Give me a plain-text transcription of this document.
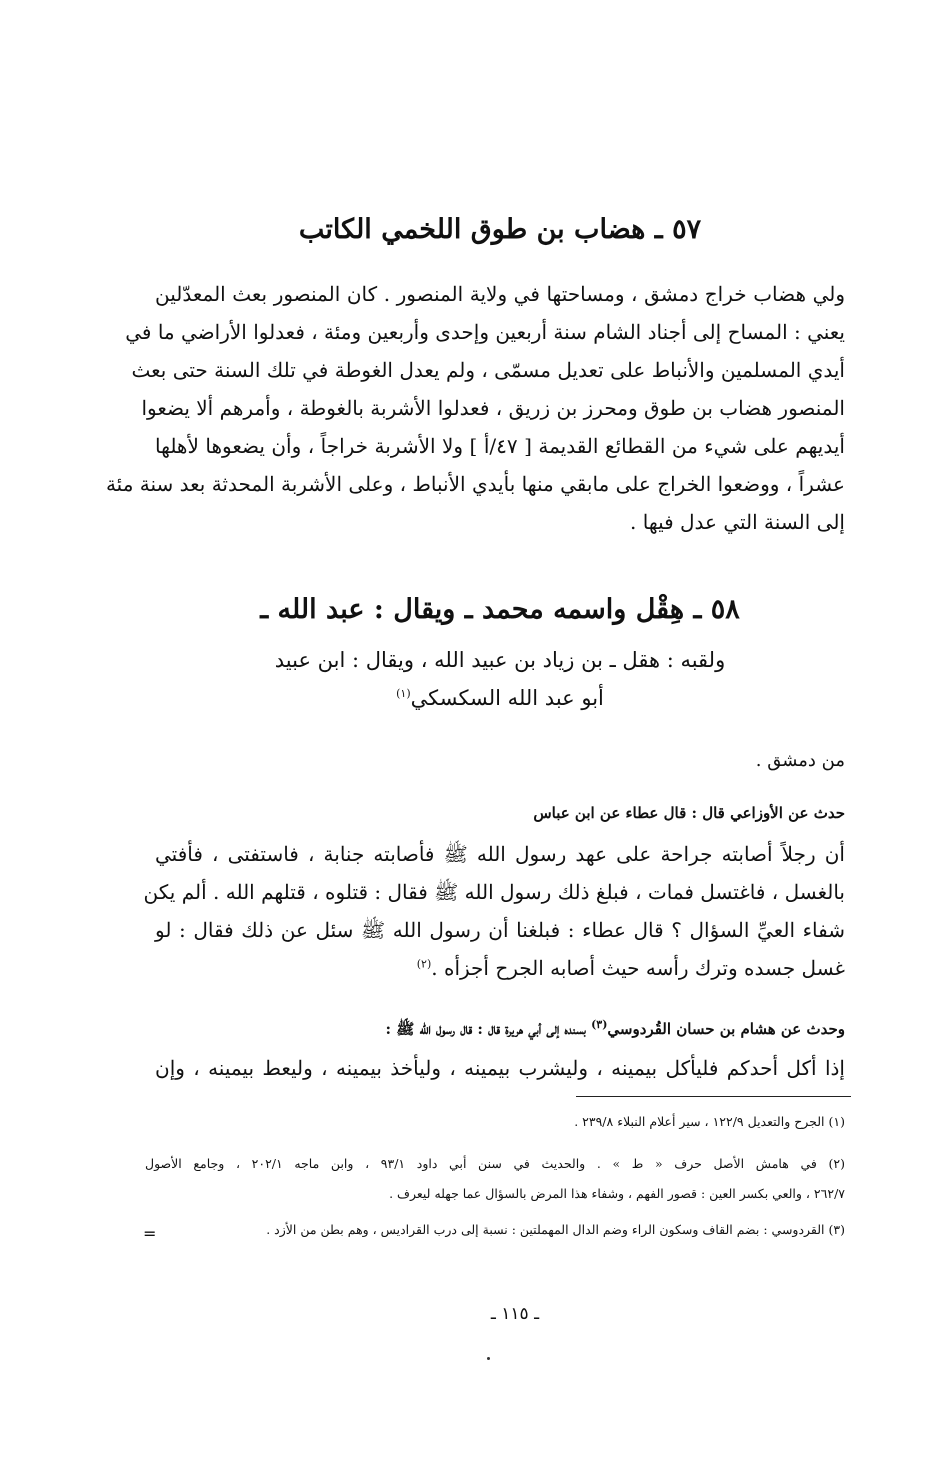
٥٧ ـ هضاب بن طوق اللخمي الكاتب
ولي هضاب خراج دمشق ، ومساحتها في ولاية المنصور . كان المنصور بعث المعدّلين
يعني : المساح إلى أجناد الشام سنة أربعين وإحدى وأربعين ومئة ، فعدلوا الأراضي ما في
أيدي المسلمين والأنباط على تعديل مسمّى ، ولم يعدل الغوطة في تلك السنة حتى بعث
المنصور هضاب بن طوق ومحرز بن زريق ، فعدلوا الأشربة بالغوطة ، وأمرهم ألا يضعوا
أيديهم على شيء من القطائع القديمة [ ٤٧/أ ] ولا الأشربة خراجاً ، وأن يضعوها لأهلها
عشراً ، ووضعوا الخراج على مابقي منها بأيدي الأنباط ، وعلى الأشربة المحدثة بعد سنة مئة
إلى السنة التي عدل فيها .
٥٨ ـ هِقْل واسمه محمد ـ ويقال : عبد الله ـ
ولقبه : هقل ـ بن زياد بن عبيد الله ، ويقال : ابن عبيد
أبو عبد الله السكسكي$^{(١)}$
من دمشق .
حدث عن الأوزاعي قال : قال عطاء عن ابن عباس
أن رجلاً أصابته جراحة على عهد رسول الله ﷺ فأصابته جنابة ، فاستفتى ، فأفتي
بالغسل ، فاغتسل فمات ، فبلغ ذلك رسول الله ﷺ فقال : قتلوه ، قتلهم الله . ألم يكن
شفاء العيِّ السؤال ؟ قال عطاء : فبلغنا أن رسول الله ﷺ سئل عن ذلك فقال : لو
غسل جسده وترك رأسه حيث أصابه الجرح أجزأه .$^{(٢)}$
وحدث عن هشام بن حسان القُردوسي$^{(٣)}$ بسنده إلى أبي هريرة قال : قال رسول الله ﷺ :
إذا أكل أحدكم فليأكل بيمينه ، وليشرب بيمينه ، وليأخذ بيمينه ، وليعط بيمينه ، وإن
(١) الجرح والتعديل ١٢٢/٩ ، سير أعلام النبلاء ٢٣٩/٨ .
(٢) في هامش الأصل حرف « ط » . والحديث في سنن أبي داود ٩٣/١ ، وابن ماجه ٢٠٢/١ ، وجامع الأصول
٢٦٢/٧ ، والعي بكسر العين : قصور الفهم ، وشفاء هذا المرض بالسؤال عما جهله ليعرف .
(٣) القردوسي : بضم القاف وسكون الراء وضم الدال المهملتين : نسبة إلى درب القراديس ، وهم بطن من الأزد .
=
ـ ١١٥ ـ
